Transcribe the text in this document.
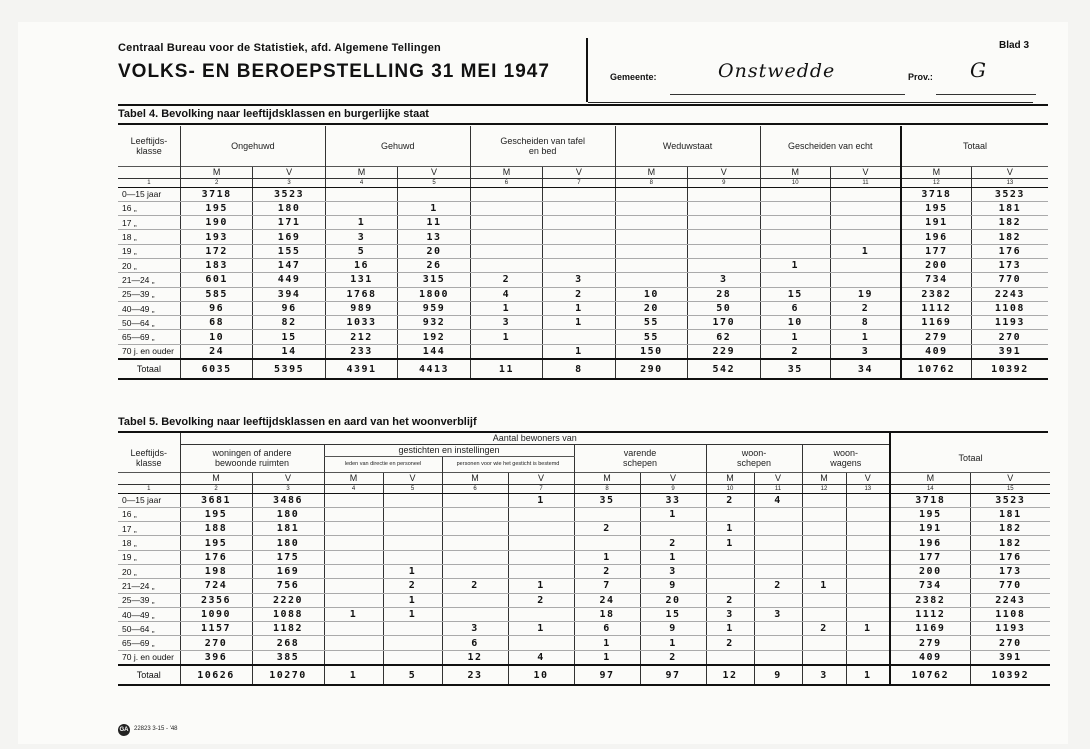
Centraal Bureau voor de Statistiek, afd. Algemene Tellingen
VOLKS- EN BEROEPSTELLING 31 MEI 1947	Gemeente:	Onstwedde	Prov.: G
Blad 3
Tabel 4. Bevolking naar leeftijdsklassen en burgerlijke staat
Leeftijds- klasse	Ongehuwd		Gehuwd		Gescheiden van tafel en bed		Weduwstaat		Gescheiden van echt		Totaal	
	M	V	M	V	M	V	M	V	M	V	M	V
1	2	3	4	5	6	7	8	9	10	11	12	13
0—15 jaar	3718	3523									3718	3523
16 „	195	180		1							195	181
17 „	190	171	1	11							191	182
18 „	193	169	3	13							196	182
19 „	172	155	5	20						1	177	176
20 „	183	147	16	26					1		200	173
21—24 „	601	449	131	315	2	3		3			734	770
25—39 „	585	394	1768	1800	4	2	10	28	15	19	2382	2243
40—49 „	96	96	989	959	1	1	20	50	6	2	1112	1108
50—64 „	68	82	1033	932	3	1	55	170	10	8	1169	1193
65—69 „	10	15	212	192	1		55	62	1	1	279	270
70 j. en ouder	24	14	233	144		1	150	229	2	3	409	391
Totaal	6035	5395	4391	4413	11	8	290	542	35	34	10762	10392
Tabel 5. Bevolking naar leeftijdsklassen en aard van het woonverblijf
	Aantal bewoners van													
Leeftijds- klasse	woningen of andere bewoonde ruimten		gestichten en instellingen				varende schepen		woon- schepen		woon- wagens		Totaal	
			leden van directie en personeel		personen voor wie het gesticht is bestemd									
	M	V	M	V	M	V	M	V	M	V	M	V	M	V
1	2	3	4	5	6	7	8	9	10	11	12	13	14	15
0—15 jaar	3681	3486				1	35	33	2	4			3718	3523
16 „	195	180						1					195	181
17 „	188	181					2		1				191	182
18 „	195	180						2	1				196	182
19 „	176	175					1	1					177	176
20 „	198	169		1			2	3					200	173
21—24 „	724	756		2	2	1	7	9		2	1		734	770
25—39 „	2356	2220		1		2	24	20	2				2382	2243
40—49 „	1090	1088	1	1			18	15	3	3			1112	1108
50—64 „	1157	1182			3	1	6	9	1		2	1	1169	1193
65—69 „	270	268			6		1	1	2				279	270
70 j. en ouder	396	385			12	4	1	2					409	391
Totaal	10626	10270	1	5	23	10	97	97	12	9	3	1	10762	10392
GA 22823 3-15 - '48
